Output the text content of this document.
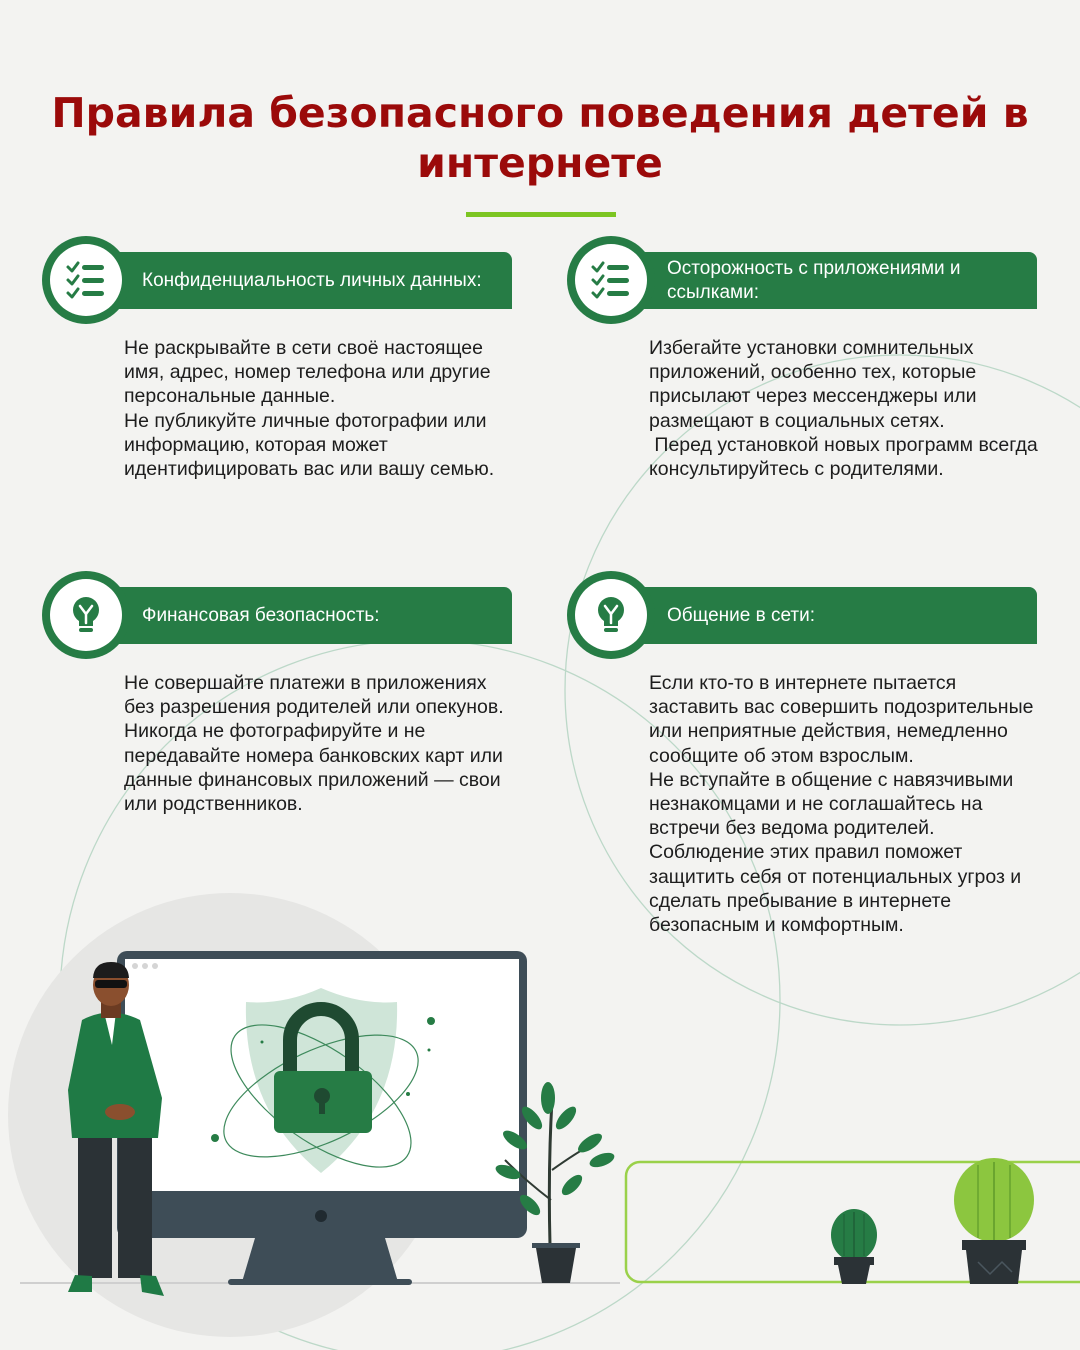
Правила безопасного поведения детей в интернете
Конфиденциальность личных данных:

Не раскрывайте в сети своё настоящее имя, адрес, номер телефона или другие персональные данные.

Не публикуйте личные фотографии или информацию, которая может идентифицировать вас или вашу семью.

Осторожность с приложениями и ссылками:

Избегайте установки сомнительных приложений, особенно тех, которые присылают через мессенджеры или размещают в социальных сетях.

Перед установкой новых программ всегда консультируйтесь с родителями.

Финансовая безопасность:

Не совершайте платежи в приложениях без разрешения родителей или опекунов.

Никогда не фотографируйте и не передавайте номера банковских карт или данные финансовых приложений — свои или родственников.

Общение в сети:

Если кто-то в интернете пытается заставить вас совершить подозрительные или неприятные действия, немедленно сообщите об этом взрослым.

Не вступайте в общение с навязчивыми незнакомцами и не соглашайтесь на встречи без ведома родителей.

Соблюдение этих правил поможет защитить себя от потенциальных угроз и сделать пребывание в интернете безопасным и комфортным.
